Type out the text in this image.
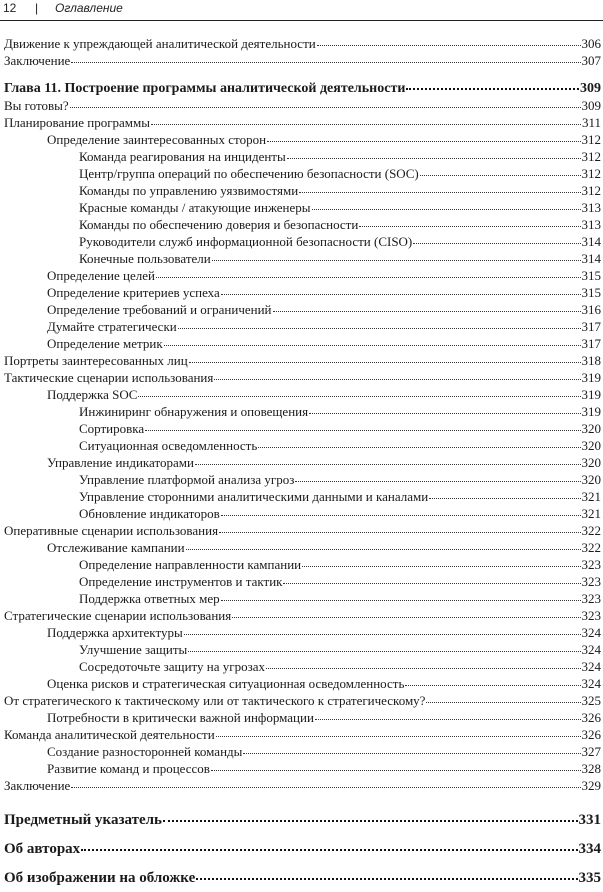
12 | Оглавление
Движение к упреждающей аналитической деятельности	306
Заключение	307
Глава 11. Построение программы аналитической деятельности	309
Вы готовы?	309
Планирование программы	311
Определение заинтересованных сторон	312
Команда реагирования на инциденты	312
Центр/группа операций по обеспечению безопасности (SOC)	312
Команды по управлению уязвимостями	312
Красные команды / атакующие инженеры	313
Команды по обеспечению доверия и безопасности	313
Руководители служб информационной безопасности (CISO)	314
Конечные пользователи	314
Определение целей	315
Определение критериев успеха	315
Определение требований и ограничений	316
Думайте стратегически	317
Определение метрик	317
Портреты заинтересованных лиц	318
Тактические сценарии использования	319
Поддержка SOC	319
Инжиниринг обнаружения и оповещения	319
Сортировка	320
Ситуационная осведомленность	320
Управление индикаторами	320
Управление платформой анализа угроз	320
Управление сторонними аналитическими данными и каналами	321
Обновление индикаторов	321
Оперативные сценарии использования	322
Отслеживание кампании	322
Определение направленности кампании	323
Определение инструментов и тактик	323
Поддержка ответных мер	323
Стратегические сценарии использования	323
Поддержка архитектуры	324
Улучшение защиты	324
Сосредоточьте защиту на угрозах	324
Оценка рисков и стратегическая ситуационная осведомленность	324
От стратегического к тактическому или от тактического к стратегическому?	325
Потребности в критически важной информации	326
Команда аналитической деятельности	326
Создание разносторонней команды	327
Развитие команд и процессов	328
Заключение	329
Предметный указатель	331
Об авторах	334
Об изображении на обложке	335
